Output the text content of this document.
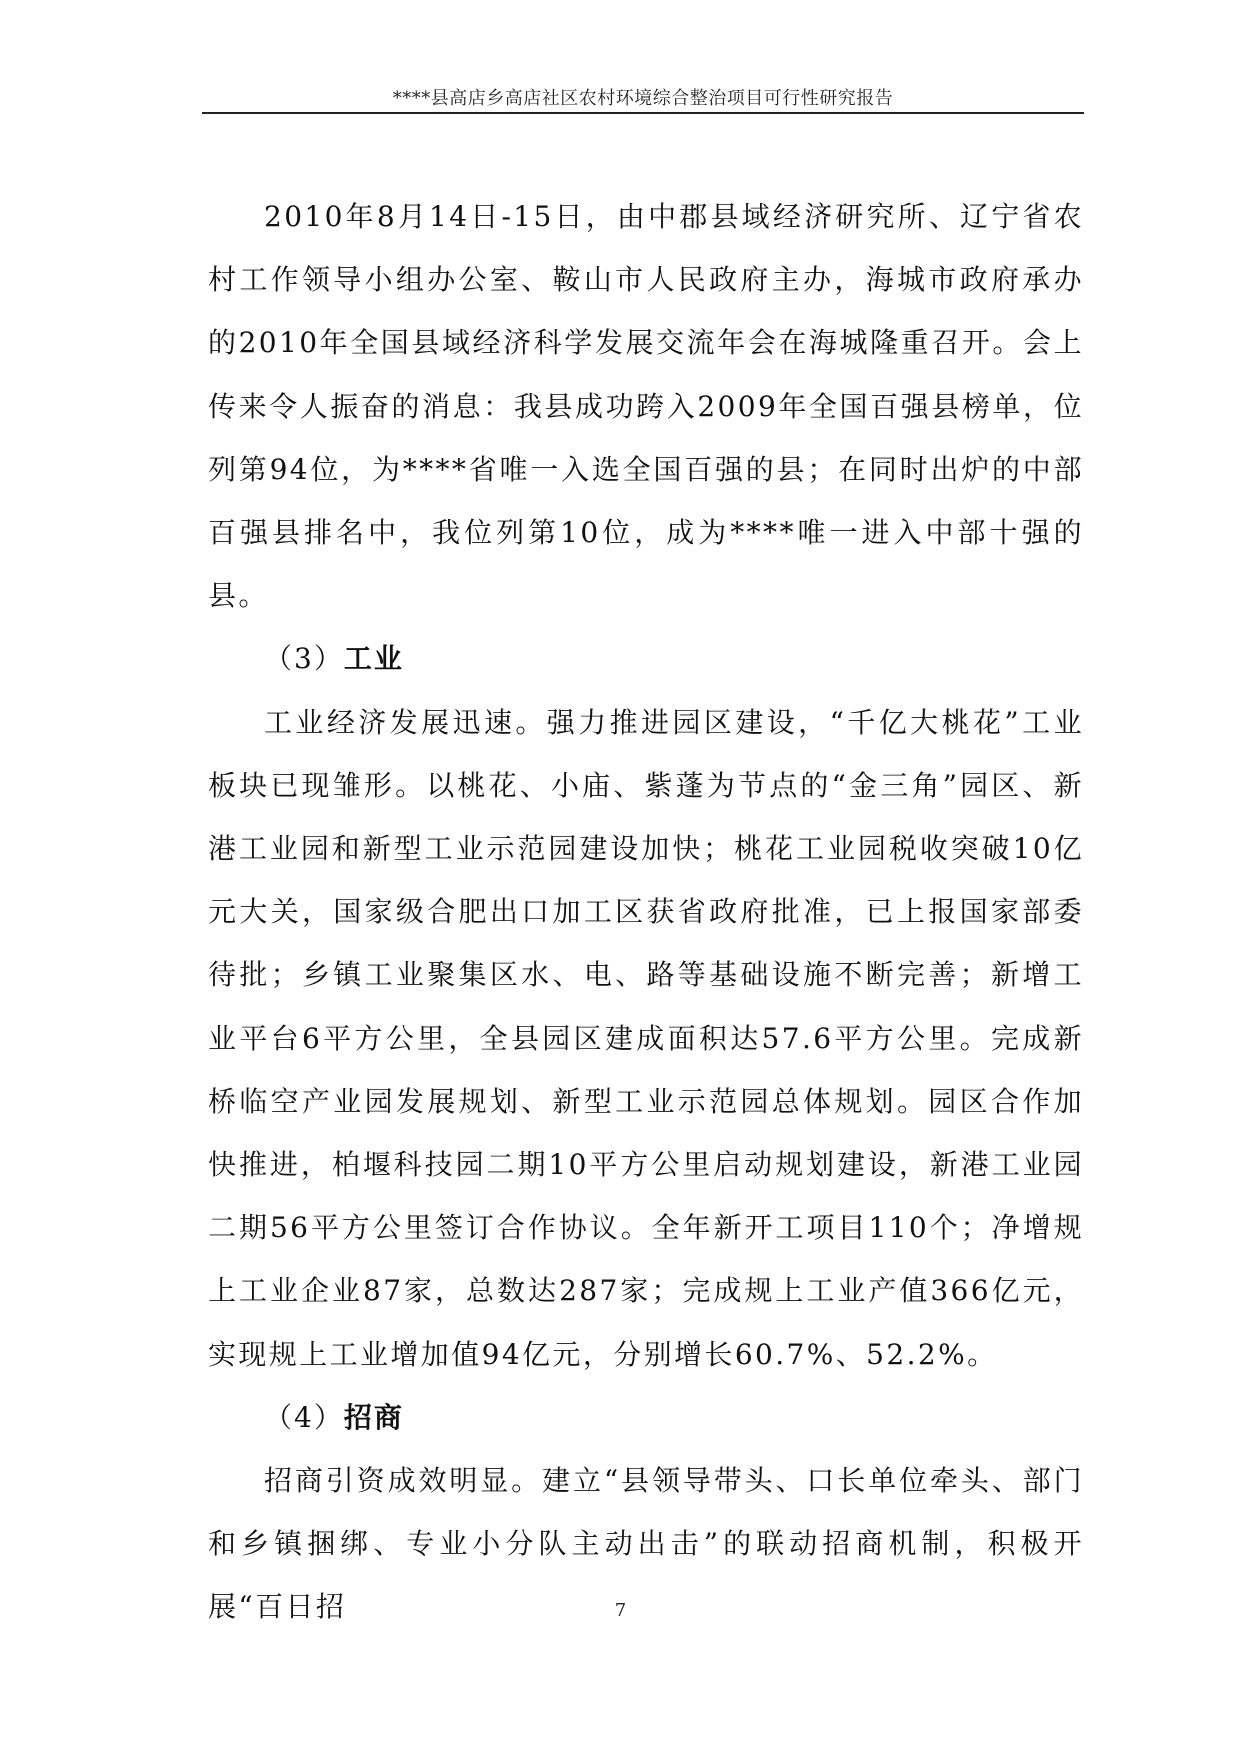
****县高店乡高店社区农村环境综合整治项目可行性研究报告

2010年8月14日-15日，由中郡县域经济研究所、辽宁省农村工作领导小组办公室、鞍山市人民政府主办，海城市政府承办的2010年全国县域经济科学发展交流年会在海城隆重召开。会上传来令人振奋的消息：我县成功跨入2009年全国百强县榜单，位列第94位，为****省唯一入选全国百强的县；在同时出炉的中部百强县排名中，我位列第10位，成为****唯一进入中部十强的县。

（3）工业

工业经济发展迅速。强力推进园区建设，“千亿大桃花”工业板块已现雏形。以桃花、小庙、紫蓬为节点的“金三角”园区、新港工业园和新型工业示范园建设加快；桃花工业园税收突破10亿元大关，国家级合肥出口加工区获省政府批准，已上报国家部委待批；乡镇工业聚集区水、电、路等基础设施不断完善；新增工业平台6平方公里，全县园区建成面积达57.6平方公里。完成新桥临空产业园发展规划、新型工业示范园总体规划。园区合作加快推进，柏堰科技园二期10平方公里启动规划建设，新港工业园二期56平方公里签订合作协议。全年新开工项目110个；净增规上工业企业87家，总数达287家；完成规上工业产值366亿元，实现规上工业增加值94亿元，分别增长60.7%、52.2%。

（4）招商

招商引资成效明显。建立“县领导带头、口长单位牵头、部门和乡镇捆绑、专业小分队主动出击”的联动招商机制，积极开展“百日招	7
